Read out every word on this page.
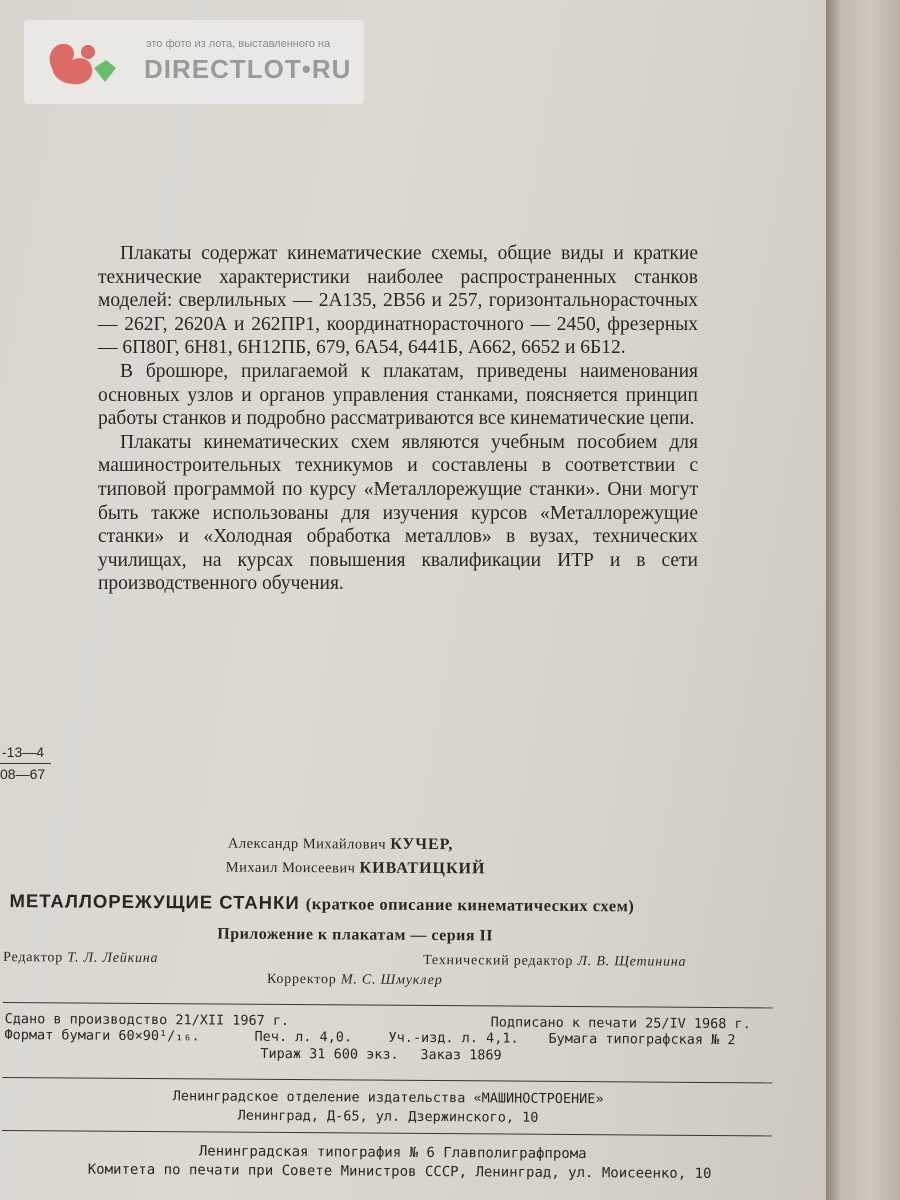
это фото из лота, выставленного на
DIRECTLOT•RU

Плакаты содержат кинематические схемы, общие виды и краткие технические характеристики наиболее распространенных станков моделей: сверлильных — 2А135, 2В56 и 257, горизонтальнорасточных — 262Г, 2620А и 262ПР1, координатнорасточного — 2450, фрезерных — 6П80Г, 6Н81, 6Н12ПБ, 679, 6А54, 6441Б, А662, 6652 и 6Б12.

В брошюре, прилагаемой к плакатам, приведены наименования основных узлов и органов управления станками, поясняется принцип работы станков и подробно рассматриваются все кинематические цепи.

Плакаты кинематических схем являются учебным пособием для машиностроительных техникумов и составлены в соответствии с типовой программой по курсу «Металлорежущие станки». Они могут быть также использованы для изучения курсов «Металлорежущие станки» и «Холодная обработка металлов» в вузах, технических училищах, на курсах повышения квалификации ИТР и в сети производственного обучения.

-13—4
08—67
Александр Михайлович КУЧЕР,
Михаил Моисеевич КИВАТИЦКИЙ
МЕТАЛЛОРЕЖУЩИЕ СТАНКИ (краткое описание кинематических схем)
Приложение к плакатам — серия II
Редактор Т. Л. Лейкина	Технический редактор Л. В. Щетинина
Корректор М. С. Шмуклер
Сдано в производство 21/XII 1967 г.	Подписано к печати 25/IV 1968 г.
Формат бумаги 60×90¹/₁₆.	Печ. л. 4,0.	Уч.-изд. л. 4,1. Бумага типографская № 2
Тираж 31 600 экз. Заказ 1869
Ленинградское отделение издательства «МАШИНОСТРОЕНИЕ»
Ленинград, Д-65, ул. Дзержинского, 10
Ленинградская типография № 6 Главполиграфпрома
Комитета по печати при Совете Министров СССР, Ленинград, ул. Моисеенко, 10
